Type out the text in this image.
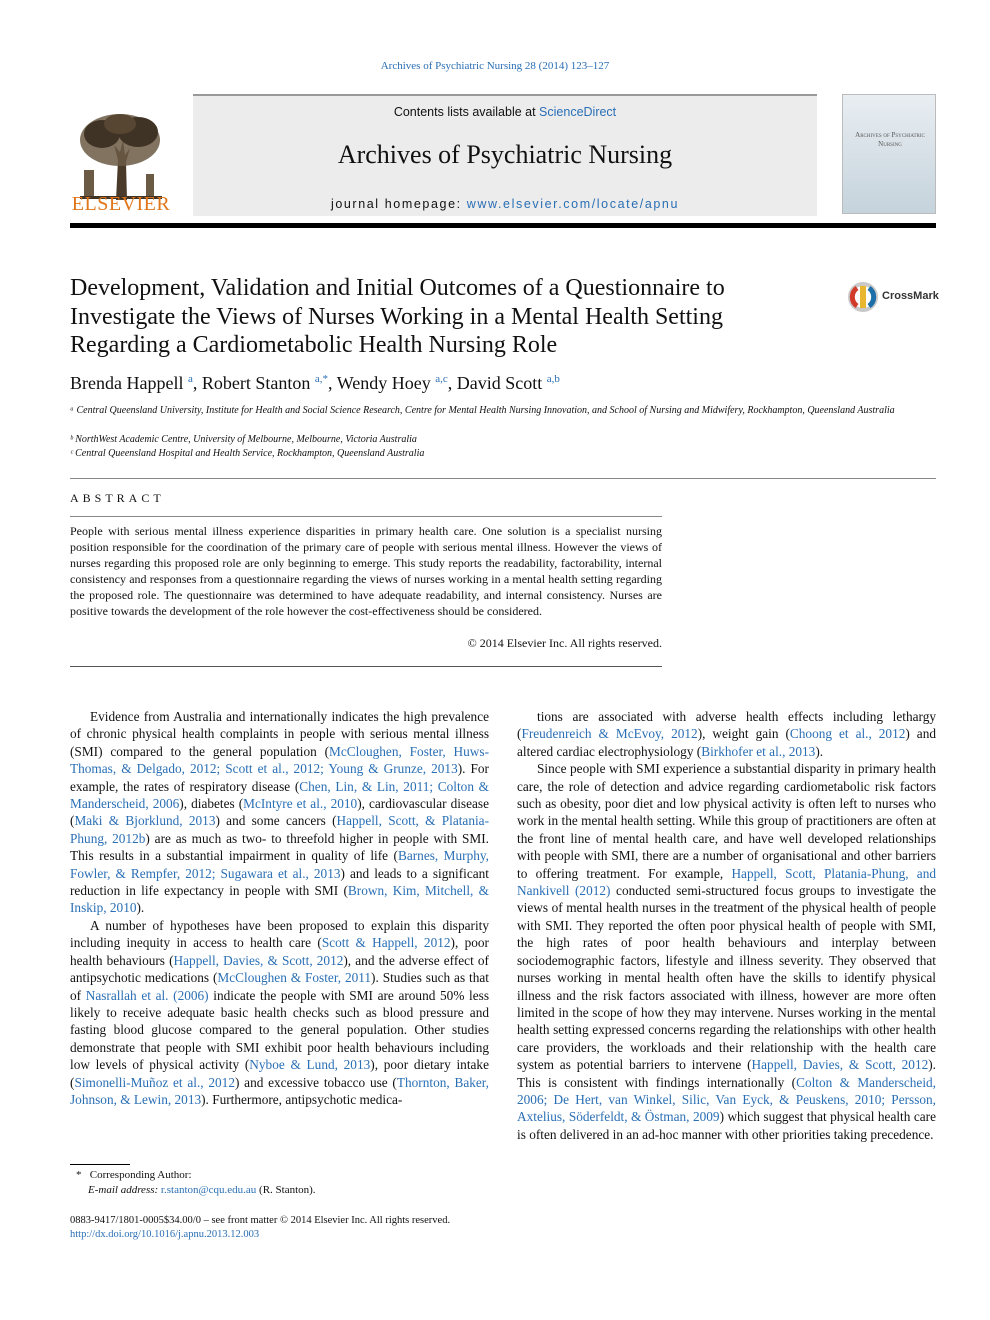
Archives of Psychiatric Nursing 28 (2014) 123–127
Contents lists available at ScienceDirect
Archives of Psychiatric Nursing
journal homepage: www.elsevier.com/locate/apnu
ELSEVIER
Archives of Psychiatric Nursing
Development, Validation and Initial Outcomes of a Questionnaire to Investigate the Views of Nurses Working in a Mental Health Setting Regarding a Cardiometabolic Health Nursing Role
CrossMark
Brenda Happell $^a$, Robert Stanton $^{a,*}$, Wendy Hoey $^{a,c}$, David Scott $^{a,b}$
ᵃ Central Queensland University, Institute for Health and Social Science Research, Centre for Mental Health Nursing Innovation, and School of Nursing and Midwifery, Rockhampton, Queensland Australia
ᵇ NorthWest Academic Centre, University of Melbourne, Melbourne, Victoria Australia
ᶜ Central Queensland Hospital and Health Service, Rockhampton, Queensland Australia
ABSTRACT
People with serious mental illness experience disparities in primary health care. One solution is a specialist nursing position responsible for the coordination of the primary care of people with serious mental illness. However the views of nurses regarding this proposed role are only beginning to emerge. This study reports the readability, factorability, internal consistency and responses from a questionnaire regarding the views of nurses working in a mental health setting regarding the proposed role. The questionnaire was determined to have adequate readability, and internal consistency. Nurses are positive towards the development of the role however the cost-effectiveness should be considered.
© 2014 Elsevier Inc. All rights reserved.

Evidence from Australia and internationally indicates the high prevalence of chronic physical health complaints in people with serious mental illness (SMI) compared to the general population (McCloughen, Foster, Huws-Thomas, & Delgado, 2012; Scott et al., 2012; Young & Grunze, 2013). For example, the rates of respiratory disease (Chen, Lin, & Lin, 2011; Colton & Manderscheid, 2006), diabetes (McIntyre et al., 2010), cardiovascular disease (Maki & Bjorklund, 2013) and some cancers (Happell, Scott, & Platania-Phung, 2012b) are as much as two- to threefold higher in people with SMI. This results in a substantial impairment in quality of life (Barnes, Murphy, Fowler, & Rempfer, 2012; Sugawara et al., 2013) and leads to a significant reduction in life expectancy in people with SMI (Brown, Kim, Mitchell, & Inskip, 2010).

A number of hypotheses have been proposed to explain this disparity including inequity in access to health care (Scott & Happell, 2012), poor health behaviours (Happell, Davies, & Scott, 2012), and the adverse effect of antipsychotic medications (McCloughen & Foster, 2011). Studies such as that of Nasrallah et al. (2006) indicate the people with SMI are around 50% less likely to receive adequate basic health checks such as blood pressure and fasting blood glucose compared to the general population. Other studies demonstrate that people with SMI exhibit poor health behaviours including low levels of physical activity (Nyboe & Lund, 2013), poor dietary intake (Simonelli-Muñoz et al., 2012) and excessive tobacco use (Thornton, Baker, Johnson, & Lewin, 2013). Furthermore, antipsychotic medica-

tions are associated with adverse health effects including lethargy (Freudenreich & McEvoy, 2012), weight gain (Choong et al., 2012) and altered cardiac electrophysiology (Birkhofer et al., 2013).

Since people with SMI experience a substantial disparity in primary health care, the role of detection and advice regarding cardiometabolic risk factors such as obesity, poor diet and low physical activity is often left to nurses who work in the mental health setting. While this group of practitioners are often at the front line of mental health care, and have well developed relationships with people with SMI, there are a number of organisational and other barriers to offering treatment. For example, Happell, Scott, Platania-Phung, and Nankivell (2012) conducted semi-structured focus groups to investigate the views of mental health nurses in the treatment of the physical health of people with SMI. They reported the often poor physical health of people with SMI, the high rates of poor health behaviours and interplay between sociodemographic factors, lifestyle and illness severity. They observed that nurses working in mental health often have the skills to identify physical illness and the risk factors associated with illness, however are more often limited in the scope of how they may intervene. Nurses working in the mental health setting expressed concerns regarding the relationships with other health care providers, the workloads and their relationship with the health care system as potential barriers to intervene (Happell, Davies, & Scott, 2012). This is consistent with findings internationally (Colton & Manderscheid, 2006; De Hert, van Winkel, Silic, Van Eyck, & Peuskens, 2010; Persson, Axtelius, Söderfeldt, & Östman, 2009) which suggest that physical health care is often delivered in an ad-hoc manner with other priorities taking precedence.

* Corresponding Author:
E-mail address: r.stanton@cqu.edu.au (R. Stanton).
0883-9417/1801-0005$34.00/0 – see front matter © 2014 Elsevier Inc. All rights reserved.
http://dx.doi.org/10.1016/j.apnu.2013.12.003
